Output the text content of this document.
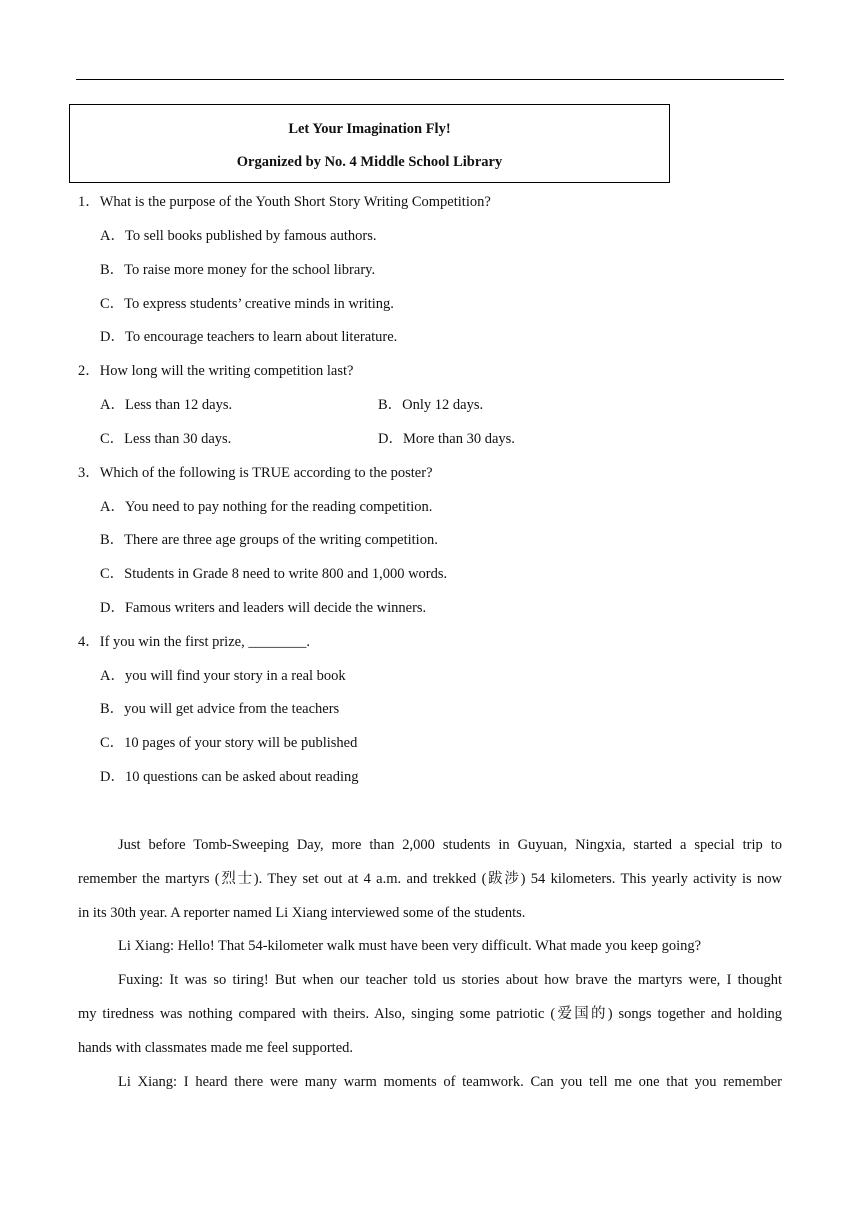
Let Your Imagination Fly!
Organized by No. 4 Middle School Library
1．What is the purpose of the Youth Short Story Writing Competition?
A．To sell books published by famous authors.
B．To raise more money for the school library.
C．To express students’ creative minds in writing.
D．To encourage teachers to learn about literature.
2．How long will the writing competition last?
A．Less than 12 days.	B．Only 12 days.
C．Less than 30 days.	D．More than 30 days.
3．Which of the following is TRUE according to the poster?
A．You need to pay nothing for the reading competition.
B．There are three age groups of the writing competition.
C．Students in Grade 8 need to write 800 and 1,000 words.
D．Famous writers and leaders will decide the winners.
4．If you win the first prize, ________.
A．you will find your story in a real book
B．you will get advice from the teachers
C．10 pages of your story will be published
D．10 questions can be asked about reading
Just before Tomb-Sweeping Day, more than 2,000 students in Guyuan, Ningxia, started a special trip to
remember the martyrs (烈士). They set out at 4 a.m. and trekked (跋涉) 54 kilometers. This yearly activity is now
in its 30th year. A reporter named Li Xiang interviewed some of the students.
Li Xiang: Hello! That 54-kilometer walk must have been very difficult. What made you keep going?
Fuxing: It was so tiring! But when our teacher told us stories about how brave the martyrs were, I thought
my tiredness was nothing compared with theirs. Also, singing some patriotic (爱国的) songs together and holding
hands with classmates made me feel supported.
Li Xiang: I heard there were many warm moments of teamwork. Can you tell me one that you remember
